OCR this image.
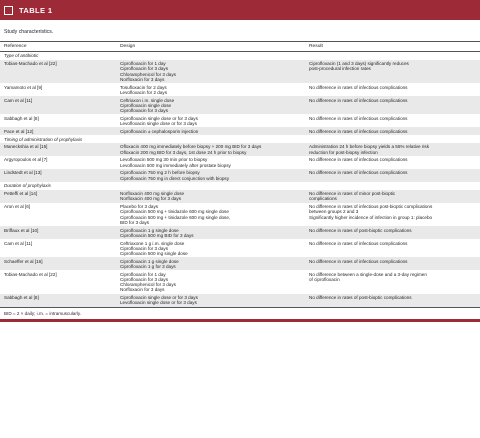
TABLE 1
Study characteristics.
Reference	Design	Result
Type of antibiotic		
Tobias-Machado et al [22]	Ciprofloxacin for 1 day
Ciprofloxacin for 3 days
Chloramphenicol for 3 days
Norfloxacin for 3 days	Ciprofloxacin (1 and 3 days) significantly reduces
post-procedural infection rates

Yamamoto et al [9]	Tosufloxacin for 2 days
Levofloxacin for 2 days	No difference in rates of infectious complications

Cam et al [11]	Ceftriaxon i.m. single dose
Ciprofloxacin single dose
Ciprofloxacin for 3 days	No difference in rates of infectious complications

Sabbagh et al [8]	Ciprofloxacin single dose or for 3 days
Levofloxacin single dose or for 3 days	No difference in rates of infectious complications

Pace et al [12]	Ciprofloxacin ± cephalosporin injection	No difference in rates of infectious complications

Timing of administration of prophylaxis		
Maneckshia et al [15]	Ofloxacin 400 mg immediately before biopsy + 200 mg BID for 3 days
Ofloxacin 200 mg BID for 3 days, 1st dose 24 h prior to biopsy	Administration 24 h before biopsy yields a 55% relative risk
reduction for post-biopsy infection

Argyropoulos et al [7]	Levofloxacin 500 mg 30 min prior to biopsy
Levofloxacin 500 mg immediately after prostate biopsy	No difference in rates of infectious complications

Lindstedt et al [13]	Ciprofloxacin 750 mg 2 h before biopsy
Ciprofloxacin 750 mg in direct conjunction with biopsy	No difference in rates of infectious complications

Duration of prophylaxis		
Petteffi et al [14]	Norfloxacin 400 mg single dose
Norfloxacin 400 mg for 3 days	No difference in rates of minor post-bioptic
complications

Aron et al [6]	Placebo for 3 days
Ciprofloxacin 500 mg + tinidazole 600 mg single dose
Ciprofloxacin 500 mg + tinidazole 600 mg single dose,
BID for 3 days	No difference in rates of infectious post-bioptic complications
between groups 2 and 3
Significantly higher incidence of infection in group 1: placebo

Briffaux et al [10]	Ciprofloxacin 1 g single dose
Ciprofloxacin 500 mg BID for 3 days	No difference in rates of post-bioptic complications

Cam et al [11]	Ceftriaxone 1 g i.m. single dose
Ciprofloxacin for 3 days
Ciprofloxacin 500 mg single dose	No difference in rates of infectious complications

Schaeffer et al [16]	Ciprofloxacin 1 g single dose
Ciprofloxacin 1 g for 3 days	No difference in rates of infectious complications

Tobias-Machado et al [22]	Ciprofloxacin for 1 day
Ciprofloxacin for 3 days
Chloramphenicol for 3 days
Norfloxacin for 3 days	No difference between a single-dose and a 3-day regimen
of ciprofloxacin

Sabbagh et al [8]	Ciprofloxacin single dose or for 3 days
Levofloxacin single dose or for 3 days	No difference in rates of post-bioptic complications
BID = 2 × daily; i.m. = intramuscularly.
